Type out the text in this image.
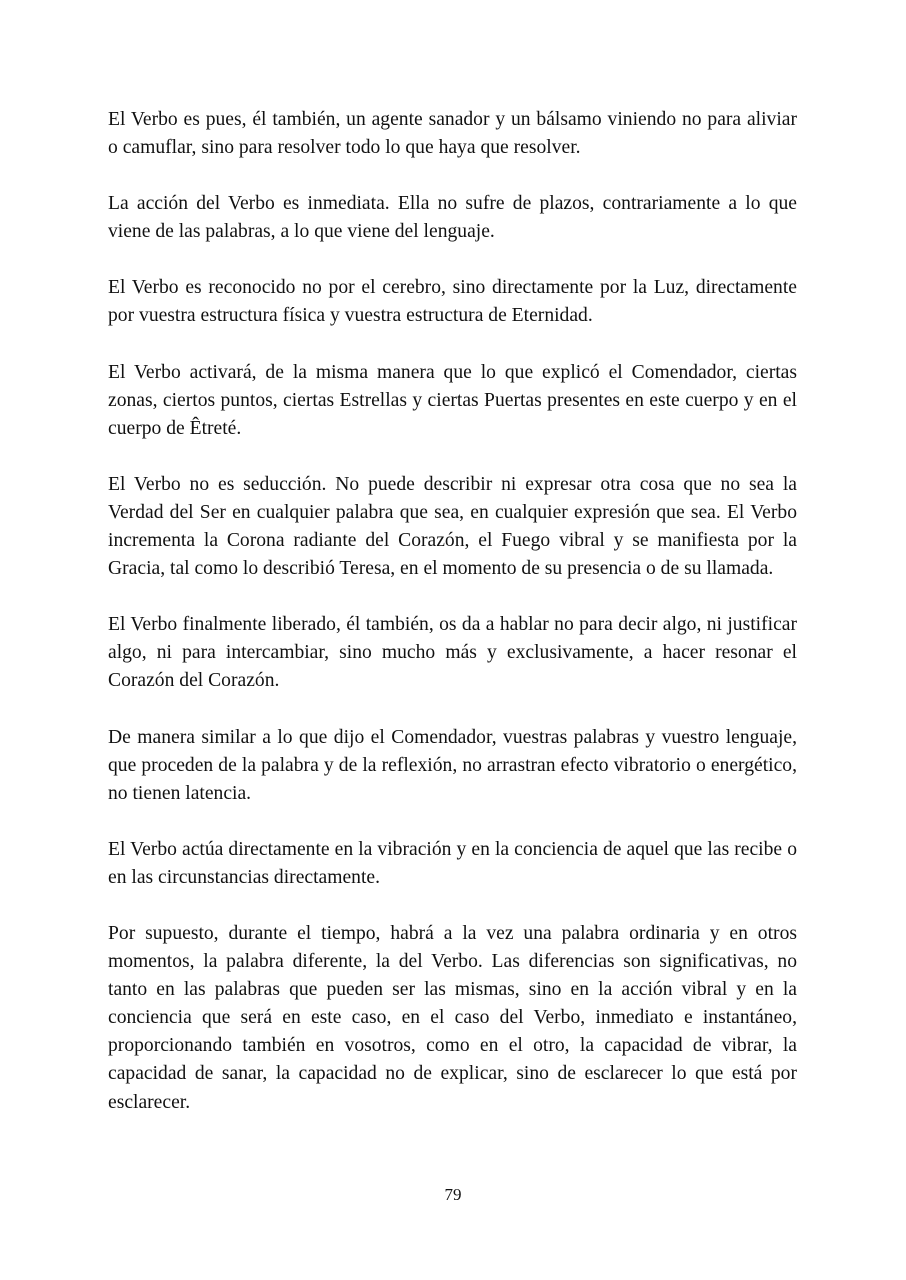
El Verbo es pues, él también, un agente sanador y un bálsamo viniendo no para aliviar o camuflar, sino para resolver todo lo que haya que resolver.

La acción del Verbo es inmediata. Ella no sufre de plazos, contrariamente a lo que viene de las palabras, a lo que viene del lenguaje.

El Verbo es reconocido no por el cerebro, sino directamente por la Luz, directamente por vuestra estructura física y vuestra estructura de Eternidad.

El Verbo activará, de la misma manera que lo que explicó el Comendador, ciertas zonas, ciertos puntos, ciertas Estrellas y ciertas Puertas presentes en este cuerpo y en el cuerpo de Êtreté.

El Verbo no es seducción. No puede describir ni expresar otra cosa que no sea la Verdad del Ser en cualquier palabra que sea, en cualquier expresión que sea. El Verbo incrementa la Corona radiante del Corazón, el Fuego vibral y se manifiesta por la Gracia, tal como lo describió Teresa, en el momento de su presencia o de su llamada.

El Verbo finalmente liberado, él también, os da a hablar no para decir algo, ni justificar algo, ni para intercambiar, sino mucho más y exclusivamente, a hacer resonar el Corazón del Corazón.

De manera similar a lo que dijo el Comendador, vuestras palabras y vuestro lenguaje, que proceden de la palabra y de la reflexión, no arrastran efecto vibratorio o energético, no tienen latencia.

El Verbo actúa directamente en la vibración y en la conciencia de aquel que las recibe o en las circunstancias directamente.

Por supuesto, durante el tiempo, habrá a la vez una palabra ordinaria y en otros momentos, la palabra diferente, la del Verbo. Las diferencias son significativas, no tanto en las palabras que pueden ser las mismas, sino en la acción vibral y en la conciencia que será en este caso, en el caso del Verbo, inmediato e instantáneo, proporcionando también en vosotros, como en el otro, la capacidad de vibrar, la capacidad de sanar, la capacidad no de explicar, sino de esclarecer lo que está por esclarecer.

79
